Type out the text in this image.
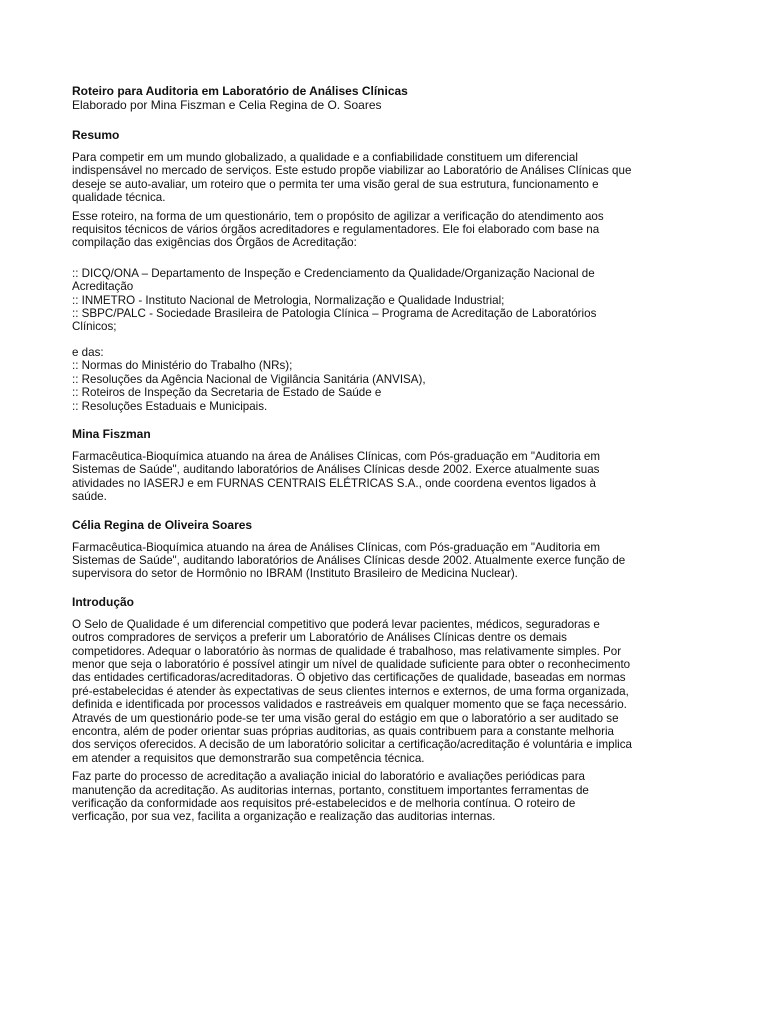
Roteiro para Auditoria em Laboratório de Análises Clínicas
Elaborado por Mina Fiszman e Celia Regina de O. Soares
Resumo

Para competir em um mundo globalizado, a qualidade e a confiabilidade constituem um diferencial indispensável no mercado de serviços. Este estudo propõe viabilizar ao Laboratório de Análises Clínicas que deseje se auto-avaliar, um roteiro que o permita ter uma visão geral de sua estrutura, funcionamento e qualidade técnica.

Esse roteiro, na forma de um questionário, tem o propósito de agilizar a verificação do atendimento aos requisitos técnicos de vários órgãos acreditadores e regulamentadores. Ele foi elaborado com base na compilação das exigências dos Órgãos de Acreditação:

:: DICQ/ONA – Departamento de Inspeção e Credenciamento da Qualidade/Organização Nacional de Acreditação
:: INMETRO - Instituto Nacional de Metrologia, Normalização e Qualidade Industrial;
:: SBPC/PALC - Sociedade Brasileira de Patologia Clínica – Programa de Acreditação de Laboratórios Clínicos;
e das:
:: Normas do Ministério do Trabalho (NRs);
:: Resoluções da Agência Nacional de Vigilância Sanitária (ANVISA),
:: Roteiros de Inspeção da Secretaria de Estado de Saúde e
:: Resoluções Estaduais e Municipais.
Mina Fiszman

Farmacêutica-Bioquímica atuando na área de Análises Clínicas, com Pós-graduação em "Auditoria em Sistemas de Saúde", auditando laboratórios de Análises Clínicas desde 2002. Exerce atualmente suas atividades no IASERJ e em FURNAS CENTRAIS ELÉTRICAS S.A., onde coordena eventos ligados à saúde.

Célia Regina de Oliveira Soares

Farmacêutica-Bioquímica atuando na área de Análises Clínicas, com Pós-graduação em "Auditoria em Sistemas de Saúde", auditando laboratórios de Análises Clínicas desde 2002. Atualmente exerce função de supervisora do setor de Hormônio no IBRAM (Instituto Brasileiro de Medicina Nuclear).

Introdução

O Selo de Qualidade é um diferencial competitivo que poderá levar pacientes, médicos, seguradoras e outros compradores de serviços a preferir um Laboratório de Análises Clínicas dentre os demais competidores. Adequar o laboratório às normas de qualidade é trabalhoso, mas relativamente simples. Por menor que seja o laboratório é possível atingir um nível de qualidade suficiente para obter o reconhecimento das entidades certificadoras/acreditadoras. O objetivo das certificações de qualidade, baseadas em normas pré-estabelecidas é atender às expectativas de seus clientes internos e externos, de uma forma organizada, definida e identificada por processos validados e rastreáveis em qualquer momento que se faça necessário. Através de um questionário pode-se ter uma visão geral do estágio em que o laboratório a ser auditado se encontra, além de poder orientar suas próprias auditorias, as quais contribuem para a constante melhoria dos serviços oferecidos. A decisão de um laboratório solicitar a certificação/acreditação é voluntária e implica em atender a requisitos que demonstrarão sua competência técnica.

Faz parte do processo de acreditação a avaliação inicial do laboratório e avaliações periódicas para manutenção da acreditação. As auditorias internas, portanto, constituem importantes ferramentas de verificação da conformidade aos requisitos pré-estabelecidos e de melhoria contínua. O roteiro de verficação, por sua vez, facilita a organização e realização das auditorias internas.
